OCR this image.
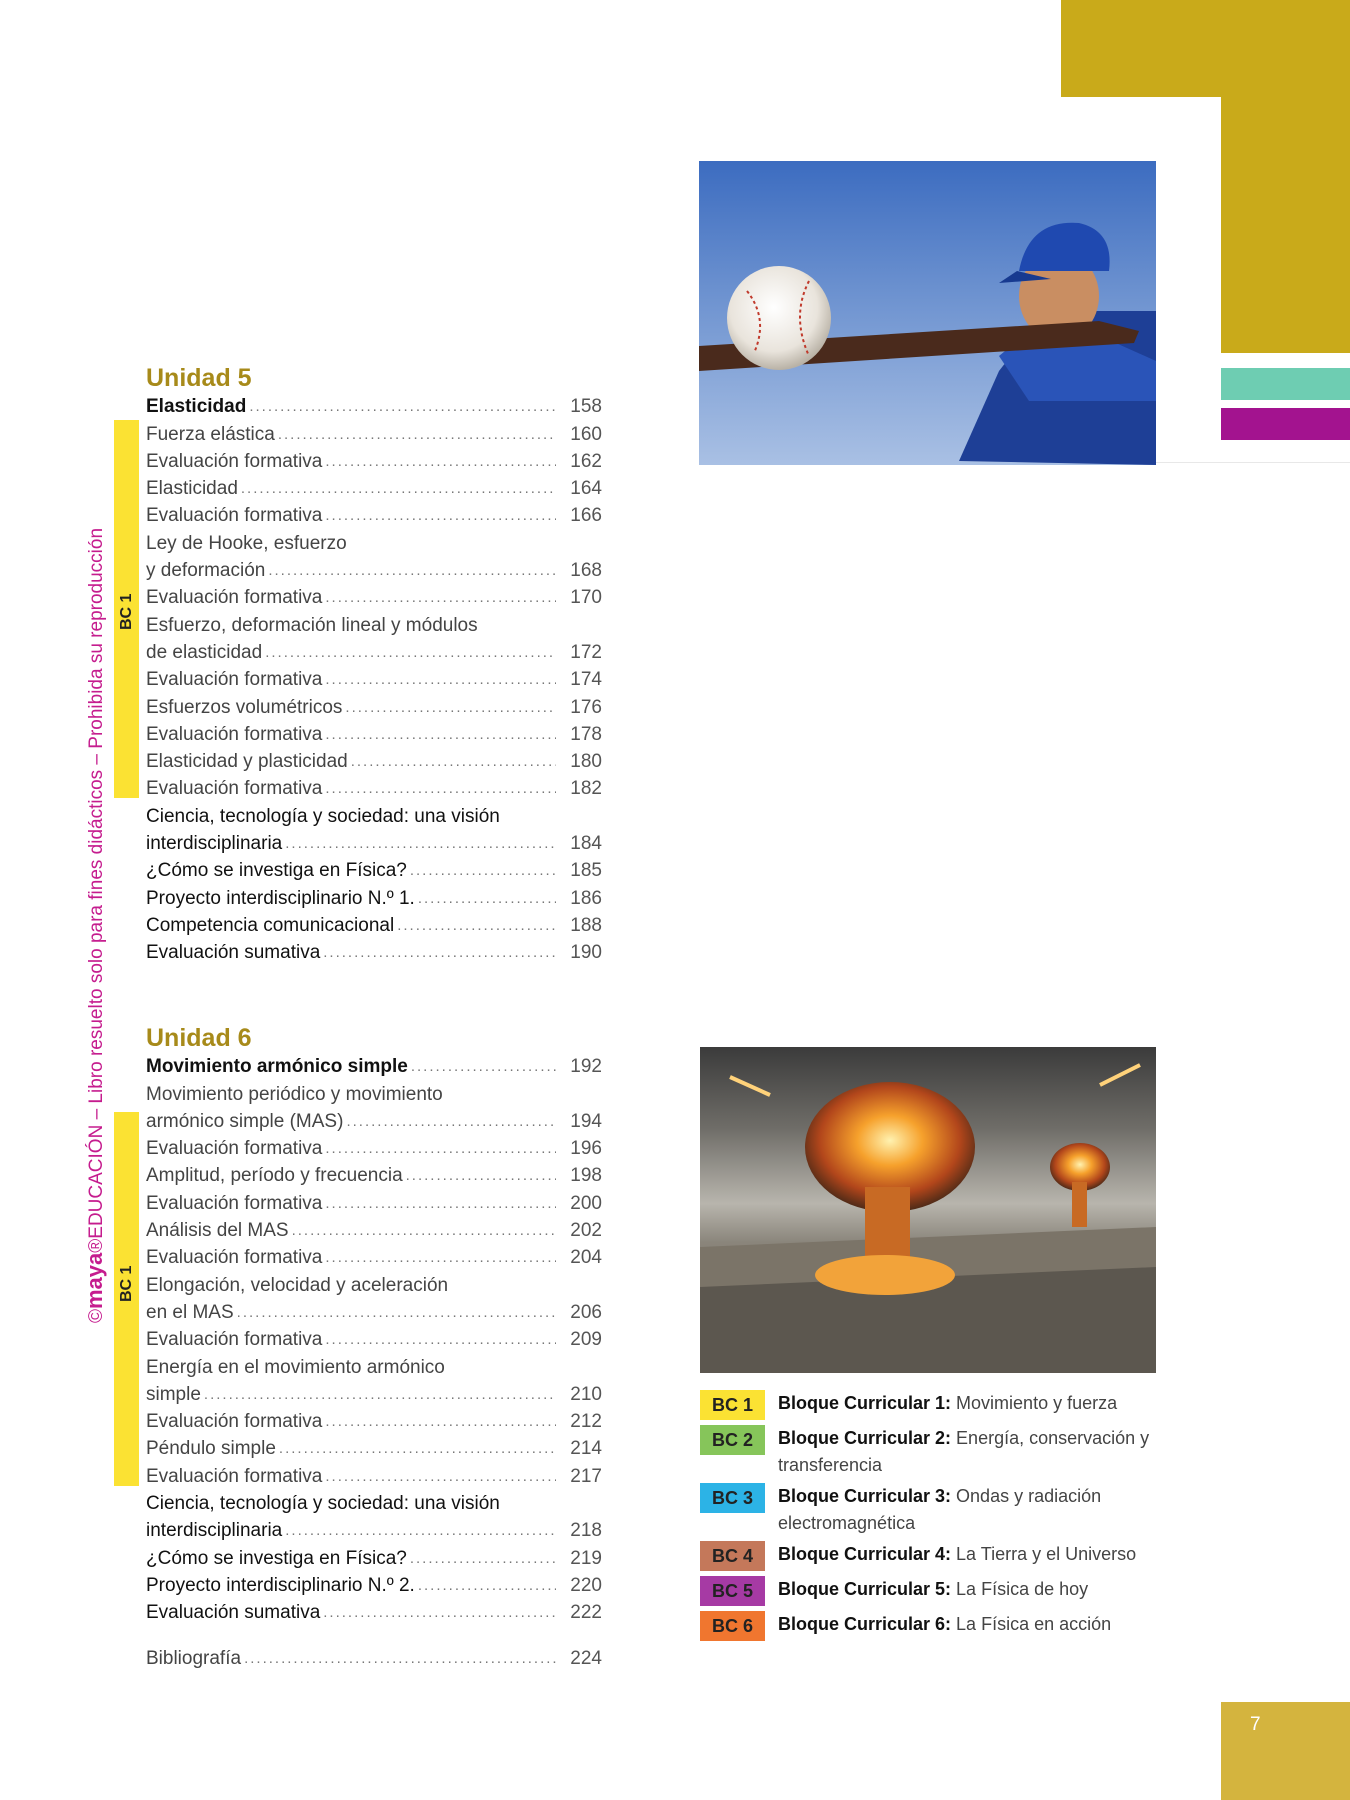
©maya®EDUCACIÓN – Libro resuelto solo para fines didácticos – Prohibida su reproducción BC 1
BC 1
Unidad 5
Elasticidad .....	158
Fuerza elástica .....	160
Evaluación formativa .....	162
Elasticidad .....	164
Evaluación formativa .....	166
Ley de Hooke, esfuerzo
y deformación .....	168
Evaluación formativa .....	170
Esfuerzo, deformación lineal y módulos
de elasticidad .....	172
Evaluación formativa .....	174
Esfuerzos volumétricos .....	176
Evaluación formativa .....	178
Elasticidad y plasticidad .....	180
Evaluación formativa .....	182
Ciencia, tecnología y sociedad: una visión
interdisciplinaria .....	184
¿Cómo se investiga en Física? .....	185
Proyecto interdisciplinario N.º 1. .....	186
Competencia comunicacional .....	188
Evaluación sumativa .....	190
Unidad 6
Movimiento armónico simple .....	192
Movimiento periódico y movimiento
armónico simple (MAS) .....	194
Evaluación formativa .....	196
Amplitud, período y frecuencia .....	198
Evaluación formativa .....	200
Análisis del MAS .....	202
Evaluación formativa .....	204
Elongación, velocidad y aceleración
en el MAS .....	206
Evaluación formativa .....	209
Energía en el movimiento armónico
simple .....	210
Evaluación formativa .....	212
Péndulo simple .....	214
Evaluación formativa .....	217
Ciencia, tecnología y sociedad: una visión
interdisciplinaria .....	218
¿Cómo se investiga en Física? .....	219
Proyecto interdisciplinario N.º 2. .....	220
Evaluación sumativa .....	222
Bibliografía .....	224
BC 1	Bloque Curricular 1: Movimiento y fuerza
BC 2	Bloque Curricular 2: Energía, conservación y transferencia
BC 3	Bloque Curricular 3: Ondas y radiación electromagnética
BC 4	Bloque Curricular 4: La Tierra y el Universo
BC 5	Bloque Curricular 5: La Física de hoy
BC 6	Bloque Curricular 6: La Física en acción
7
